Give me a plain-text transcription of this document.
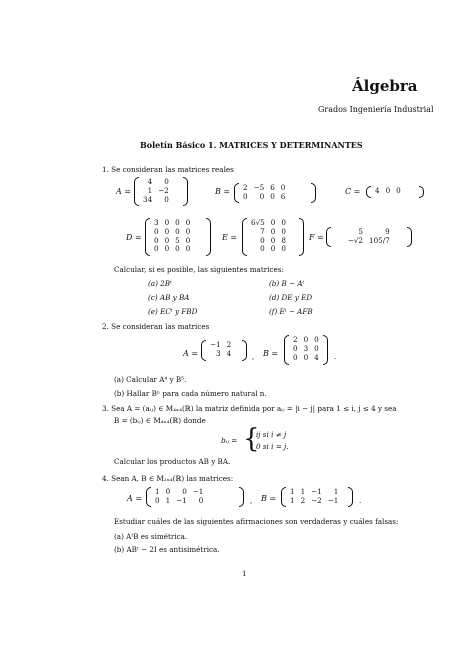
Álgebra
Grados Ingeniería Industrial
Boletín Básico 1. MATRICES Y DETERMINANTES
1. Se consideran las matrices reales
A =
4	0
1	−2
34	0
B = 2	−5	6	0
0	0	0	6
C = 4	0	0
D =
3	0	0	0
0	0	0	0
0	0	5	0
0	0	0	0
E =
6√5	0	0
7	0	0
0	0	8
0	0	0
F =
5	9
−√2	105/7
Calcular, si es posible, las siguientes matrices:
(a) 2Bᵗ	(b) B − Aᵗ
(c) AB y BA	(d) DE y ED
(e) ECᵗ y FBD	(f) Eᵗ − AFB
2. Se consideran las matrices
A =
−1	2
3	4	, B =
2	0	0
0	3	0
0	0	4 .
(a) Calcular A⁴ y B⁵.
(b) Hallar Bⁿ para cada número natural n.
3. Sea A = (aᵢⱼ) ∈ M₄ₓ₄(ℝ) la matriz definida por aᵢⱼ = |i − j| para 1 ≤ i, j ≤ 4 y sea
B = (bᵢⱼ) ∈ M₄ₓ₄(ℝ) donde
bᵢⱼ = {
ij si i ≠ j
0 si i = j.
Calcular los productos AB y BA.
4. Sean A, B ∈ M₂ₓ₄(ℝ) las matrices:
A =
1	0	0	−1
0	1	−1	0	, B =
1	1	−1	1
1	2	−2	−1	.
Estudiar cuáles de las siguientes afirmaciones son verdaderas y cuáles falsas:
(a) AᵗB es simétrica.
(b) ABᵗ − 2I es antisimétrica.
1
